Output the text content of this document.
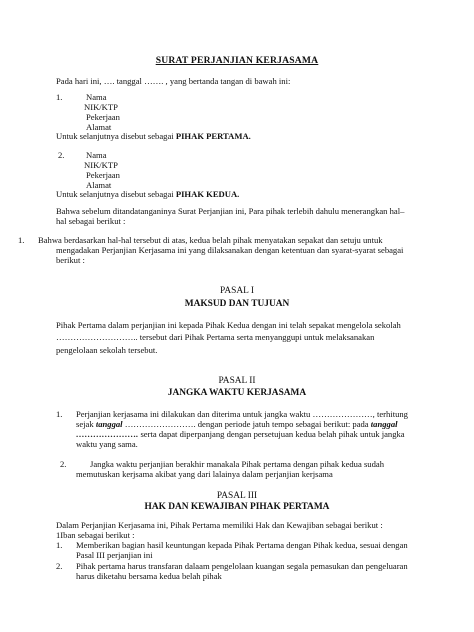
SURAT PERJANJIAN KERJASAMA
Pada hari ini, …. tanggal ……. , yang bertanda tangan di bawah ini:
1.	Nama
NIK/KTP
Pekerjaan
Alamat
Untuk selanjutnya disebut sebagai PIHAK PERTAMA.
2.	Nama
NIK/KTP
Pekerjaan
Alamat
Untuk selanjutnya disebut sebagai PIHAK KEDUA.
Bahwa sebelum ditandatanganinya Surat Perjanjian ini, Para pihak terlebih dahulu menerangkan hal–
hal sebagai berikut :
1. Bahwa berdasarkan hal-hal tersebut di atas, kedua belah pihak menyatakan sepakat dan setuju untuk
mengadakan Perjanjian Kerjasama ini yang dilaksanakan dengan ketentuan dan syarat-syarat sebagai
berikut :
PASAL I
MAKSUD DAN TUJUAN
Pihak Pertama dalam perjanjian ini kepada Pihak Kedua dengan ini telah sepakat mengelola sekolah
……………………….. tersebut dari Pihak Pertama serta menyanggupi untuk melaksanakan
pengelolaan sekolah tersebut.
PASAL II
JANGKA WAKTU KERJASAMA
1. Perjanjian kerjasama ini dilakukan dan diterima untuk jangka waktu …………………, terhitung
sejak tanggal ……………………. dengan periode jatuh tempo sebagai berikut: pada tanggal
…………………. serta dapat diperpanjang dengan persetujuan kedua belah pihak untuk jangka
waktu yang sama.
2.	Jangka waktu perjanjian berakhir manakala Pihak pertama dengan pihak kedua sudah
memutuskan kerjsama akibat yang dari lalainya dalam perjanjian kerjsama
PASAL III
HAK DAN KEWAJIBAN PIHAK PERTAMA
Dalam Perjanjian Kerjasama ini, Pihak Pertama memiliki Hak dan Kewajiban sebagai berikut :
1Iban sebagai berikut :
1. Memberikan bagian hasil keuntungan kepada Pihak Pertama dengan Pihak kedua, sesuai dengan
Pasal III perjanjian ini
2. Pihak pertama harus transfaran dalaam pengelolaan kuangan segala pemasukan dan pengeluaran
harus diketahu bersama kedua belah pihak
